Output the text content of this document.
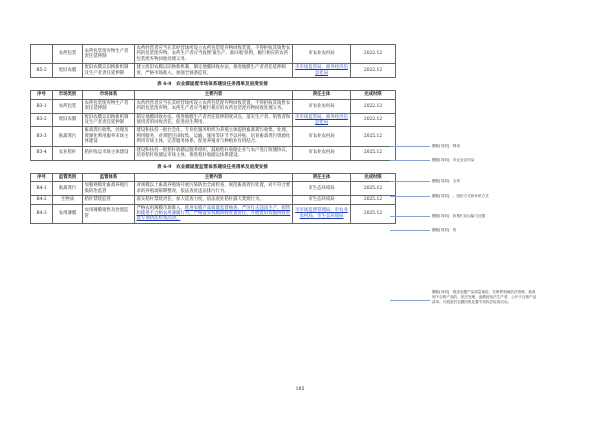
	农药包装	农药包装废弃物生产者责任延伸制	农药经营者应当在其经营场所设立农药包装废弃物回收装置，不得拒收其销售农药的包装废弃物。农药生产者应当按照'谁生产、谁回收'原则，履行相应的农药包装废弃物回收处理义务。	市农业农村局	2022.12
B5-2	废旧农膜	废旧农膜以旧换新机制及生产者责任延伸制	建立废旧农膜以旧换新机制，制定地膜回收办法，推进地膜生产者责任延伸制度，严格市场准入，加强全链条监管。	市市场监管局、商务经济信息化局	2022.12
表 6-8　农业源固废市场体系建设任务清单及进度安排
序号	市场类别	市场体系	主要内容	责任主体	完成时限
B3-1	农药包装	农药包装废弃物生产者责任延伸制	农药经营者应当在其经营场所设立农药包装废弃物回收装置，不得拒收其销售农药的包装废弃物。农药生产者应当履行相应的农药包装废弃物回收处理义务。	市农业农村局	2022.12
B3-2	废旧农膜	废旧农膜以旧换新机制及生产者责任延伸制	制定地膜回收办法，推进地膜生产者责任延伸制度试点，落实生产者、销售者和使用者的回收责任，促进再生利用。	市市场监管局、商务经济信息化局	2022.12
B3-3	畜禽粪污	畜禽粪污收集、处理及资源化利用服务市场主体建设	建设和扶持一批社会化、专业化服务组织为养殖主体提供畜禽粪污收集、处理、利用服务，对粪肥还田收集、运输、施用等环节予以补贴，培育畜禽粪污资源化利用市场主体，完善服务体系，促进养殖业与种植业有机结合。	市农业农村局	2025.12
B3-4	农业秸秆	秸秆收运市场主体建设	建设和扶持一批秸秆收储运服务组织，鼓励秸秆收储企业与农户签订收储协议，培育秸秆收储运市场主体，推进秸秆收储运体系建设。	市农业农村局	2025.12
表 6-9　农业源固废监管体系建设任务清单及进度安排
序号	监管类别	监管体系	主要内容	责任主体	完成时限
B4-1	畜禽粪污	加强规模化畜禽养殖污染防治监管	对规模以上畜禽养殖场开展污染防治全面检查，规范畜禽粪污处置，对不符合要求的养殖场限期整改，依法查处违法排污行为。	市生态环境局	2025.12
B4-2	生物质	秸秆禁烧监管	落实秸秆禁烧责任，加大巡查力度，依法查处秸秆露天焚烧行为。	市生态环境局	2025.12
B4-3	农用薄膜	农用薄膜销售及处置监管	严格农用薄膜市场准入，推进农膜产品质量监督抽查，严厉打击违法生产、销售和使用不合格农用薄膜行为，严格落实农膜回收处置责任，开展废旧农膜回收处置专项执法检查活动。	市市场监督管理局、市农业农村局、市生态环境局	2025.12
185
删除[刘刘]：利用
删除[刘刘]：市农业农村局
删除[刘刘]：全省
删除[刘刘]：，组织方式和补贴方式
删除[刘刘]：收集贮存运输与处置
删除[刘刘]：的
删除[刘刘]：推进农膜产品质量抽检，在销售领域依法管理，抽查到不合格产品的，依法处理，追溯到违法生产者，公开不合格产品清单。开展废旧农膜回收处置专项执法检查活动。
